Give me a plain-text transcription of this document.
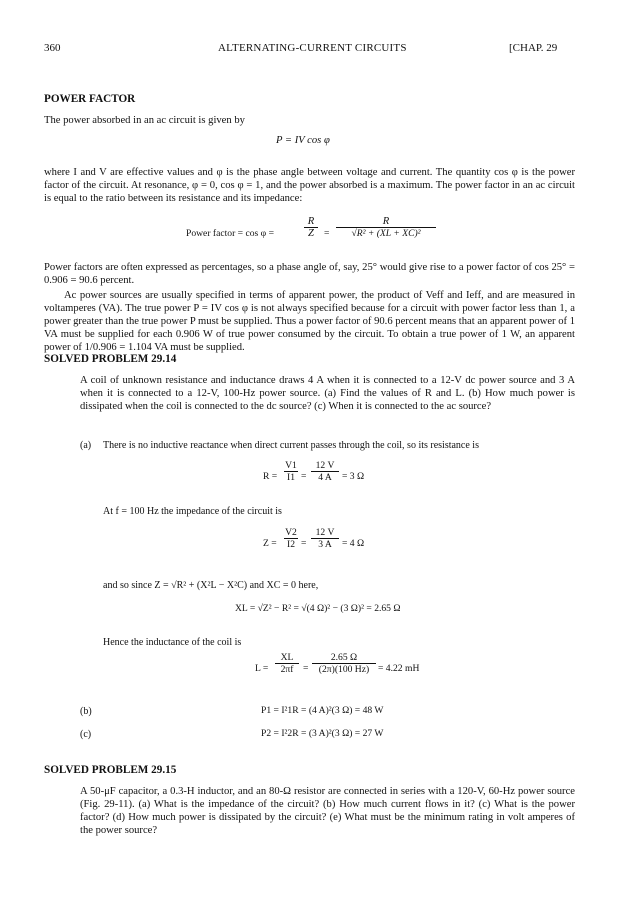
360	ALTERNATING-CURRENT CIRCUITS	[CHAP. 29
POWER FACTOR
The power absorbed in an ac circuit is given by
P = IV cos φ
where I and V are effective values and φ is the phase angle between voltage and current. The quantity cos φ is the power factor of the circuit. At resonance, φ = 0, cos φ = 1, and the power absorbed is a maximum. The power factor in an ac circuit is equal to the ratio between its resistance and its impedance:
Power factor = cos φ =	$\frac{R}{Z} = \frac{R}{\text{√R² + (XL + XC)²}}$
Power factors are often expressed as percentages, so a phase angle of, say, 25° would give rise to a power factor of cos 25° = 0.906 = 90.6 percent.
Ac power sources are usually specified in terms of apparent power, the product of Veff and Ieff, and are measured in voltamperes (VA). The true power P = IV cos φ is not always specified because for a circuit with power factor less than 1, a power greater than the true power P must be supplied. Thus a power factor of 90.6 percent means that an apparent power of 1 VA must be supplied for each 0.906 W of true power consumed by the circuit. To obtain a true power of 1 W, an apparent power of 1/0.906 = 1.104 VA must be supplied.
SOLVED PROBLEM 29.14
A coil of unknown resistance and inductance draws 4 A when it is connected to a 12-V dc power source and 3 A when it is connected to a 12-V, 100-Hz power source. (a) Find the values of R and L. (b) How much power is dissipated when the coil is connected to the dc source? (c) When it is connected to the ac source?
(a) There is no inductive reactance when direct current passes through the coil, so its resistance is
$R = \frac{V1}{I1} = \frac{12 V}{4 A} = 3$ Ω
At f = 100 Hz the impedance of the circuit is
$Z = \frac{V2}{I2} = \frac{12 V}{3 A} = 4$ Ω
and so since Z = √R² + (X²L − X²C) and XC = 0 here,
XL = √Z² − R² = √(4 Ω)² − (3 Ω)² = 2.65 Ω
Hence the inductance of the coil is
$L = \frac{XL}{2\pi f} = \frac{2.65 \Omega}{(2\pi)(100 Hz)} = 4.22$ mH
(b)	P1 = I²1R = (4 A)²(3 Ω) = 48 W
(c)	P2 = I²2R = (3 A)²(3 Ω) = 27 W
SOLVED PROBLEM 29.15
A 50-μF capacitor, a 0.3-H inductor, and an 80-Ω resistor are connected in series with a 120-V, 60-Hz power source (Fig. 29-11). (a) What is the impedance of the circuit? (b) How much current flows in it? (c) What is the power factor? (d) How much power is dissipated by the circuit? (e) What must be the minimum rating in volt amperes of the power source?
